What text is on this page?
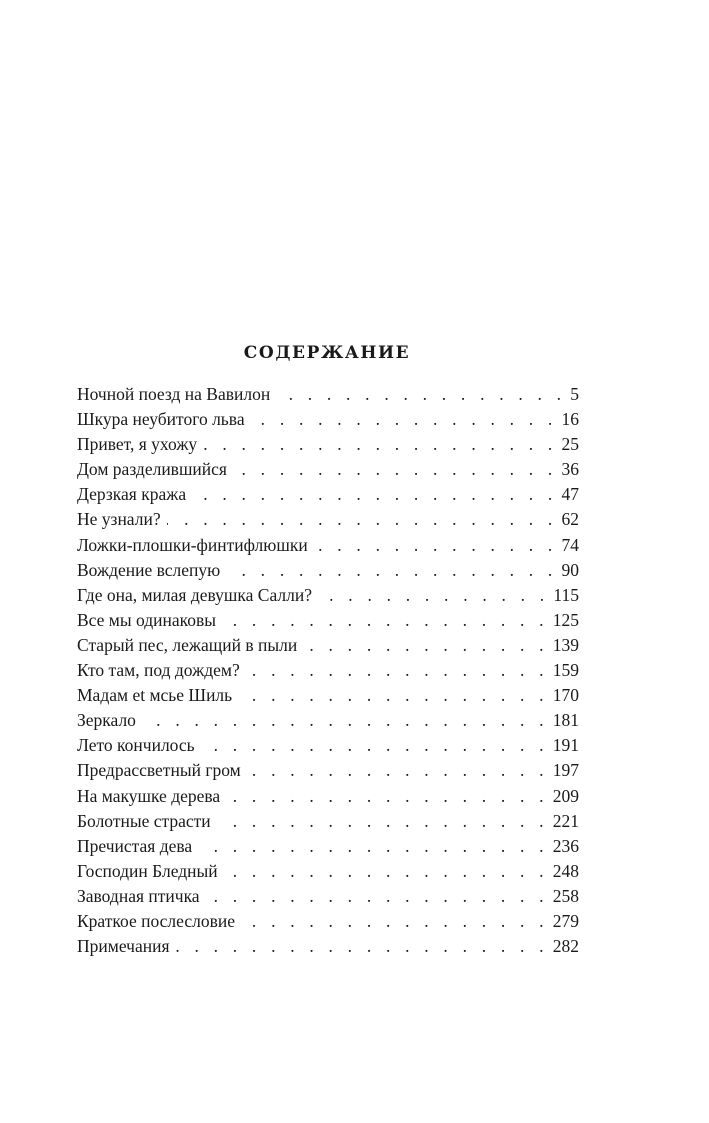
СОДЕРЖАНИЕ
Ночной поезд на Вавилон . . .	5
Шкура неубитого льва . . .	16
Привет, я ухожу . . .	25
Дом разделившийся . . .	36
Дерзкая кража . . .	47
Не узнали? . . .	62
Ложки-плошки-финтифлюшки . . .	74
Вождение вслепую . . .	90
Где она, милая девушка Салли? . . .	115
Все мы одинаковы . . .	125
Старый пес, лежащий в пыли . . .	139
Кто там, под дождем? . . .	159
Мадам et мсье Шиль . . .	170
Зеркало . . .	181
Лето кончилось . . .	191
Предрассветный гром . . .	197
На макушке дерева . . .	209
Болотные страсти . . .	221
Пречистая дева . . .	236
Господин Бледный . . .	248
Заводная птичка . . .	258
Краткое послесловие . . .	279
Примечания . . .	282
